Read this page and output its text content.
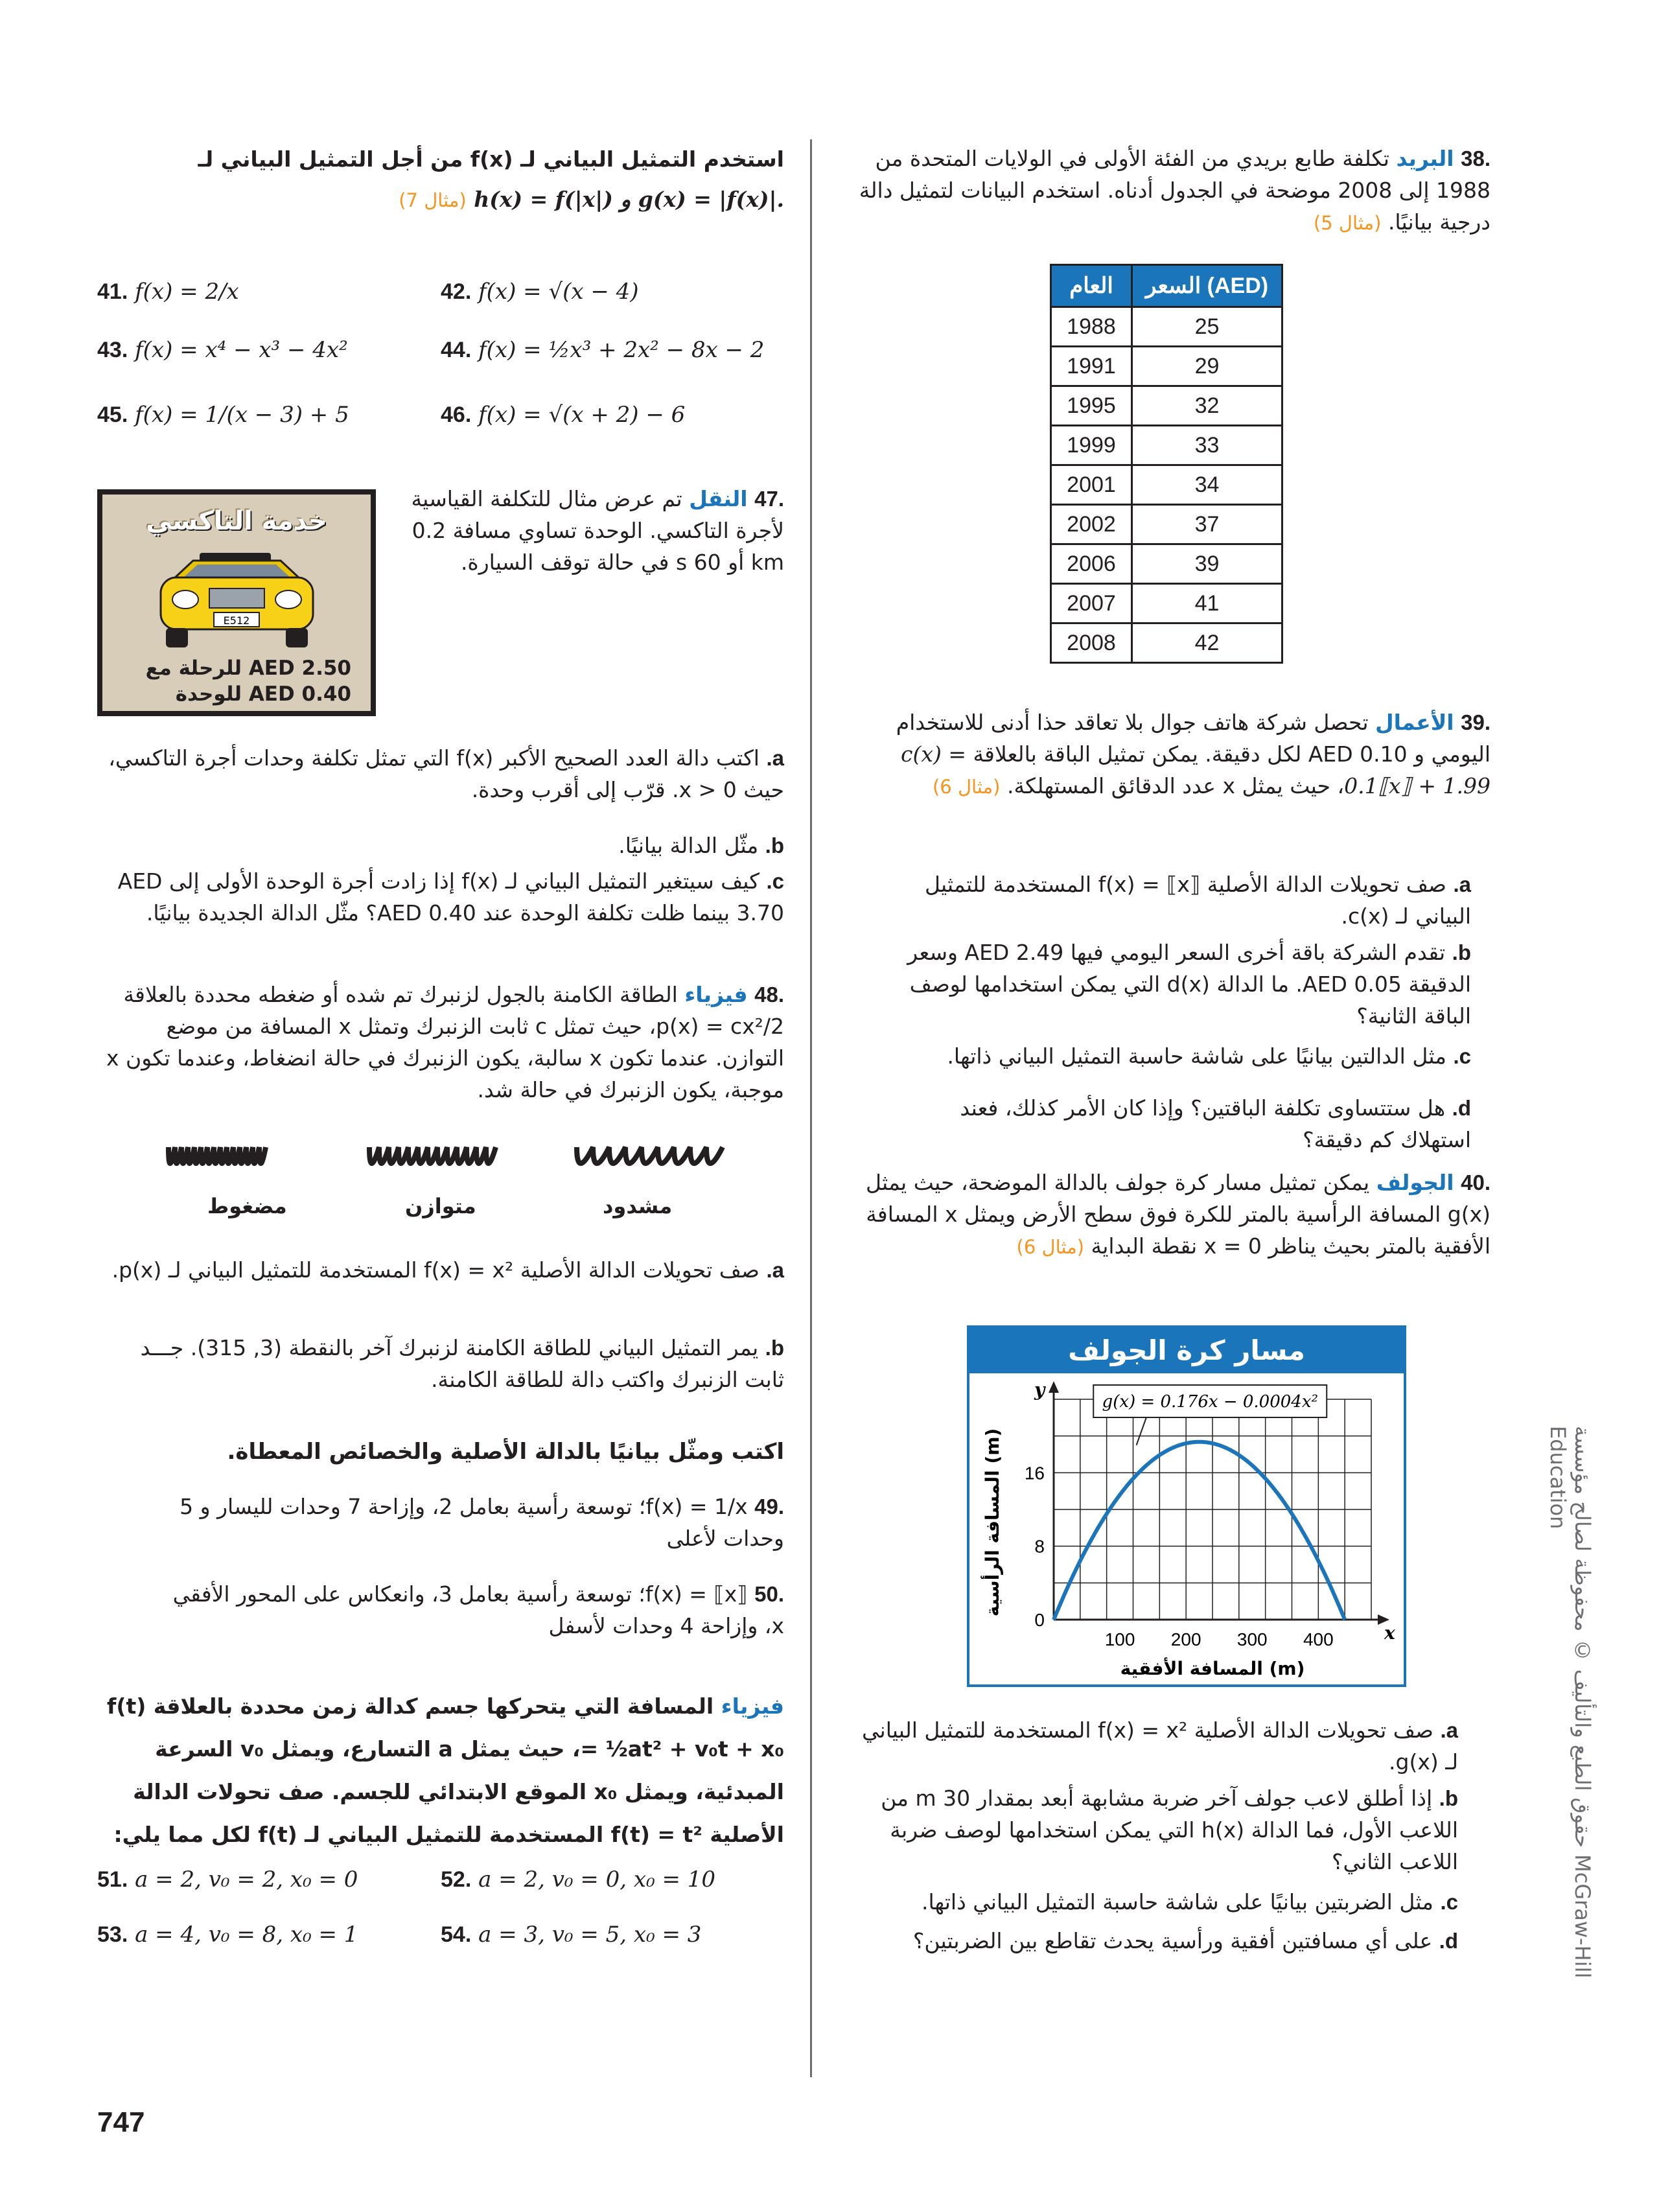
.38 البريد تكلفة طابع بريدي من الفئة الأولى في الولايات المتحدة من 1988 إلى 2008 موضحة في الجدول أدناه. استخدم البيانات لتمثيل دالة درجية بيانيًا. (مثال 5)
العام	السعر (AED)
1988	25
1991	29
1995	32
1999	33
2001	34
2002	37
2006	39
2007	41
2008	42
.39 الأعمال تحصل شركة هاتف جوال بلا تعاقد حذا أدنى للاستخدام اليومي و AED 0.10 لكل دقيقة. يمكن تمثيل الباقة بالعلاقة c(x) = 0.1⟦x⟧ + 1.99، حيث يمثل x عدد الدقائق المستهلكة. (مثال 6)
a. صف تحويلات الدالة الأصلية f(x) = ⟦x⟧ المستخدمة للتمثيل البياني لـ c(x).
b. تقدم الشركة باقة أخرى السعر اليومي فيها AED 2.49 وسعر الدقيقة AED 0.05. ما الدالة d(x) التي يمكن استخدامها لوصف الباقة الثانية؟
c. مثل الدالتين بيانيًا على شاشة حاسبة التمثيل البياني ذاتها.
d. هل ستتساوى تكلفة الباقتين؟ وإذا كان الأمر كذلك، فعند استهلاك كم دقيقة؟
.40 الجولف يمكن تمثيل مسار كرة جولف بالدالة الموضحة، حيث يمثل g(x) المسافة الرأسية بالمتر للكرة فوق سطح الأرض ويمثل x المسافة الأفقية بالمتر بحيث يناظر x = 0 نقطة البداية (مثال 6)
مسار كرة الجولف
100 200 300 400
0
8
16
x
y
g(x) = 0.176x − 0.0004x²
المسافة الأفقية (m)
المسافة الرأسية (m)
a. صف تحويلات الدالة الأصلية f(x) = x² المستخدمة للتمثيل البياني لـ g(x).
b. إذا أطلق لاعب جولف آخر ضربة مشابهة أبعد بمقدار 30 m من اللاعب الأول، فما الدالة h(x) التي يمكن استخدامها لوصف ضربة اللاعب الثاني؟
c. مثل الضربتين بيانيًا على شاشة حاسبة التمثيل البياني ذاتها.
d. على أي مسافتين أفقية ورأسية يحدث تقاطع بين الضربتين؟
حقوق الطبع والتأليف © محفوظة لصالح مؤسسة McGraw-Hill Education
استخدم التمثيل البياني لـ f(x) من أجل التمثيل البياني لـ
h(x) = f(|x|) و g(x) = |f(x)|. (مثال 7)
41. f(x) = 2/x	42. f(x) = √(x − 4)
43. f(x) = x⁴ − x³ − 4x²	44. f(x) = ½x³ + 2x² − 8x − 2
45. f(x) = 1/(x − 3) + 5	46. f(x) = √(x + 2) − 6
خدمة التاكسي
E512
AED 2.50 للرحلة مع
AED 0.40 للوحدة
.47 النقل تم عرض مثال للتكلفة القياسية لأجرة التاكسي. الوحدة تساوي مسافة 0.2 km أو 60 s في حالة توقف السيارة.
a. اكتب دالة العدد الصحيح الأكبر f(x) التي تمثل تكلفة وحدات أجرة التاكسي، حيث x > 0. قرّب إلى أقرب وحدة.
b. مثّل الدالة بيانيًا.
c. كيف سيتغير التمثيل البياني لـ f(x) إذا زادت أجرة الوحدة الأولى إلى AED 3.70 بينما ظلت تكلفة الوحدة عند AED 0.40؟ مثّل الدالة الجديدة بيانيًا.
.48 فيزياء الطاقة الكامنة بالجول لزنبرك تم شده أو ضغطه محددة بالعلاقة p(x) = cx²/2، حيث تمثل c ثابت الزنبرك وتمثل x المسافة من موضع التوازن. عندما تكون x سالبة، يكون الزنبرك في حالة انضغاط، وعندما تكون x موجبة، يكون الزنبرك في حالة شد.
مضغوط	متوازن	مشدود
a. صف تحويلات الدالة الأصلية f(x) = x² المستخدمة للتمثيل البياني لـ p(x).
b. يمر التمثيل البياني للطاقة الكامنة لزنبرك آخر بالنقطة (3, 315). جـــد ثابت الزنبرك واكتب دالة للطاقة الكامنة.
اكتب ومثّل بيانيًا بالدالة الأصلية والخصائص المعطاة.
.49 f(x) = 1/x؛ توسعة رأسية بعامل 2، وإزاحة 7 وحدات لليسار و 5 وحدات لأعلى
.50 f(x) = ⟦x⟧؛ توسعة رأسية بعامل 3، وانعكاس على المحور الأفقي x، وإزاحة 4 وحدات لأسفل
فيزياء المسافة التي يتحركها جسم كدالة زمن محددة بالعلاقة f(t) = ½at² + v₀t + x₀، حيث يمثل a التسارع، ويمثل v₀ السرعة المبدئية، ويمثل x₀ الموقع الابتدائي للجسم. صف تحولات الدالة الأصلية f(t) = t² المستخدمة للتمثيل البياني لـ f(t) لكل مما يلي:
51. a = 2, v₀ = 2, x₀ = 0	52. a = 2, v₀ = 0, x₀ = 10
53. a = 4, v₀ = 8, x₀ = 1	54. a = 3, v₀ = 5, x₀ = 3
747
